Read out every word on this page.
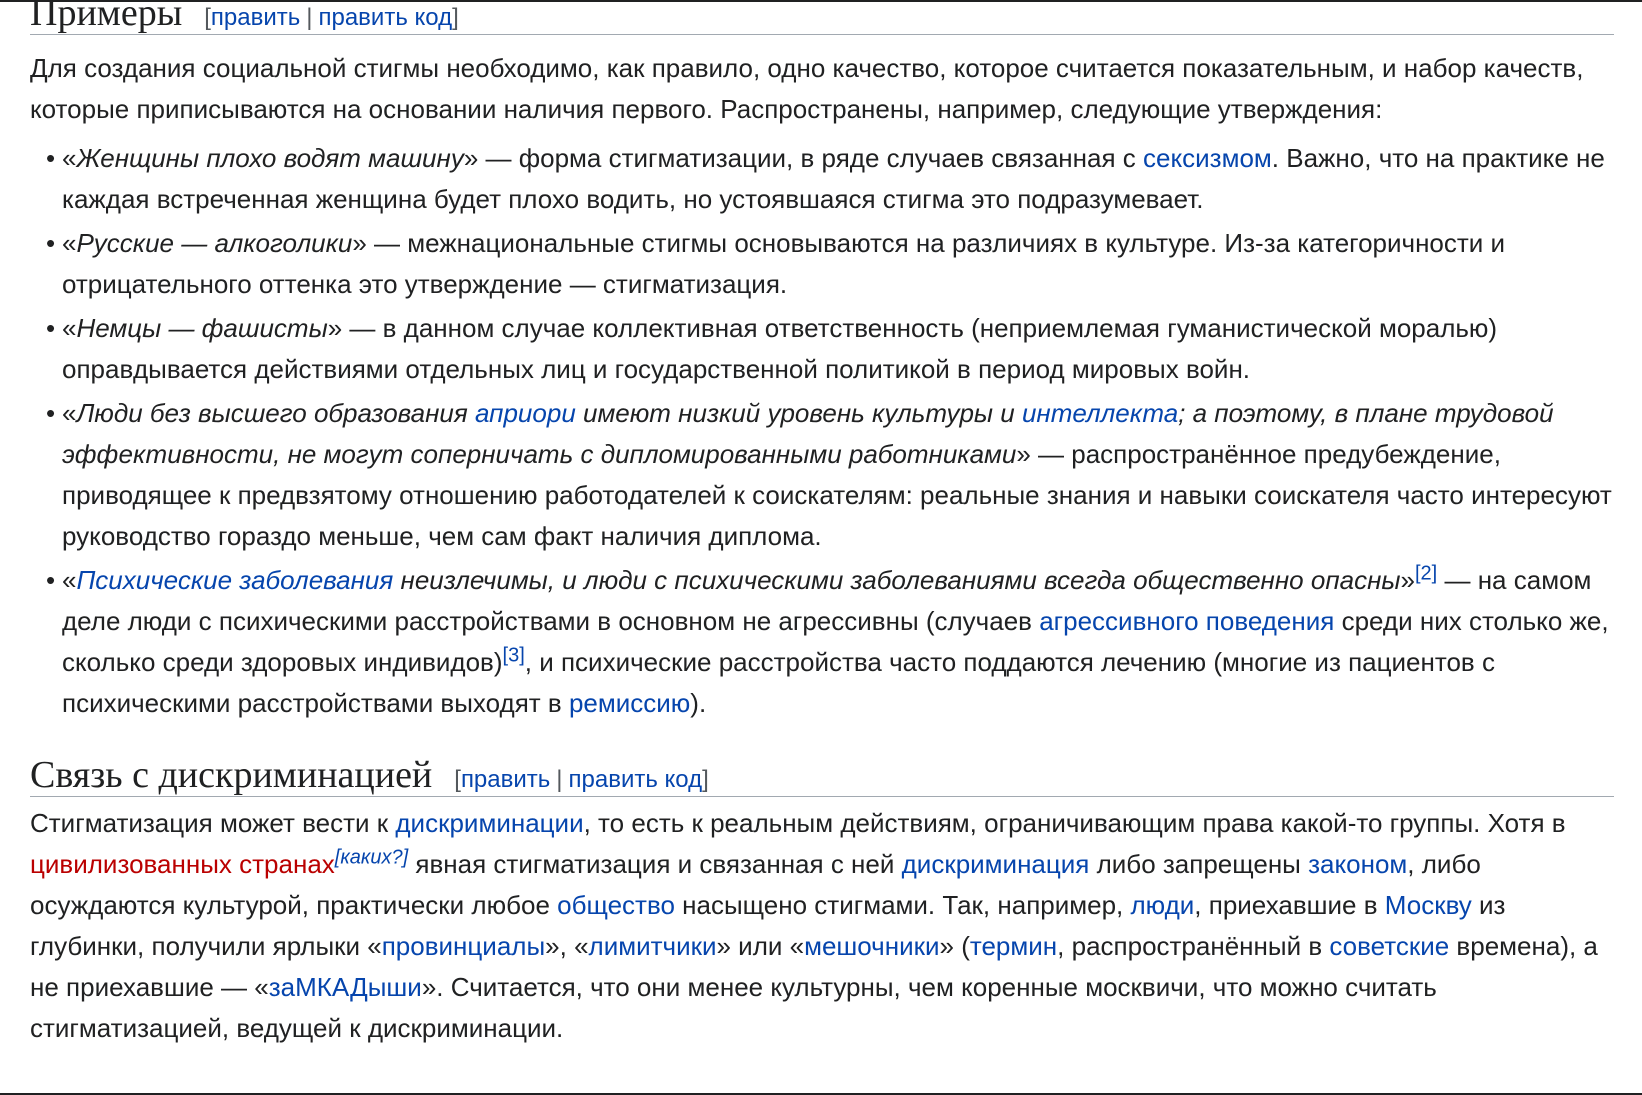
Примеры [править | править код]

Для создания социальной стигмы необходимо, как правило, одно качество, которое считается показательным, и набор качеств, которые приписываются на основании наличия первого. Распространены, например, следующие утверждения:

• «Женщины плохо водят машину» — форма стигматизации, в ряде случаев связанная с сексизмом. Важно, что на практике не каждая встреченная женщина будет плохо водить, но устоявшаяся стигма это подразумевает.
• «Русские — алкоголики» — межнациональные стигмы основываются на различиях в культуре. Из-за категоричности и отрицательного оттенка это утверждение — стигматизация.
• «Немцы — фашисты» — в данном случае коллективная ответственность (неприемлемая гуманистической моралью) оправдывается действиями отдельных лиц и государственной политикой в период мировых войн.
• «Люди без высшего образования априори имеют низкий уровень культуры и интеллекта; а поэтому, в плане трудовой эффективности, не могут соперничать с дипломированными работниками» — распространённое предубеждение, приводящее к предвзятому отношению работодателей к соискателям: реальные знания и навыки соискателя часто интересуют руководство гораздо меньше, чем сам факт наличия диплома.
• «Психические заболевания неизлечимы, и люди с психическими заболеваниями всегда общественно опасны»[2] — на самом деле люди с психическими расстройствами в основном не агрессивны (случаев агрессивного поведения среди них столько же, сколько среди здоровых индивидов)[3], и психические расстройства часто поддаются лечению (многие из пациентов с психическими расстройствами выходят в ремиссию).
Связь с дискриминацией [править | править код]

Стигматизация может вести к дискриминации, то есть к реальным действиям, ограничивающим права какой-то группы. Хотя в цивилизованных странах[каких?] явная стигматизация и связанная с ней дискриминация либо запрещены законом, либо осуждаются культурой, практически любое общество насыщено стигмами. Так, например, люди, приехавшие в Москву из глубинки, получили ярлыки «провинциалы», «лимитчики» или «мешочники» (термин, распространённый в советские времена), а не приехавшие — «заМКАДыши». Считается, что они менее культурны, чем коренные москвичи, что можно считать стигматизацией, ведущей к дискриминации.
